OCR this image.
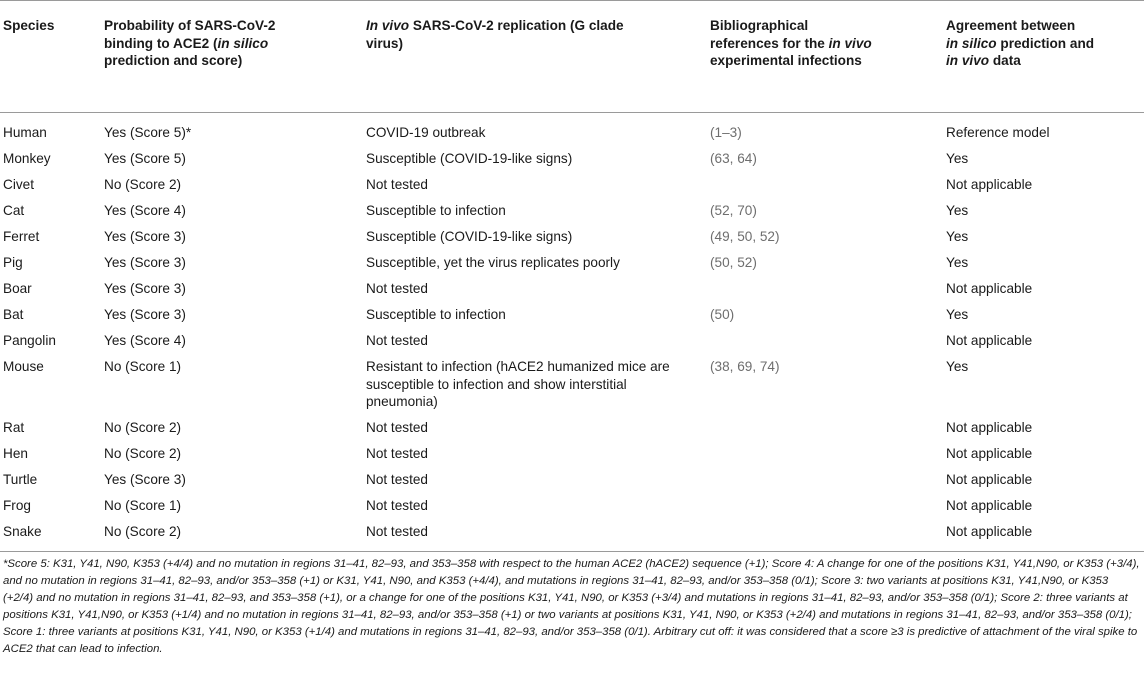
Species	Probability of SARS-CoV-2
binding to ACE2 (in silico
prediction and score)	In vivo SARS-CoV-2 replication (G clade
virus)	Bibliographical
references for the in vivo
experimental infections	Agreement between
in silico prediction and
in vivo data
Human	Yes (Score 5)*	COVID-19 outbreak	(1–3)	Reference model
Monkey	Yes (Score 5)	Susceptible (COVID-19-like signs)	(63, 64)	Yes
Civet	No (Score 2)	Not tested		Not applicable
Cat	Yes (Score 4)	Susceptible to infection	(52, 70)	Yes
Ferret	Yes (Score 3)	Susceptible (COVID-19-like signs)	(49, 50, 52)	Yes
Pig	Yes (Score 3)	Susceptible, yet the virus replicates poorly	(50, 52)	Yes
Boar	Yes (Score 3)	Not tested		Not applicable
Bat	Yes (Score 3)	Susceptible to infection	(50)	Yes
Pangolin	Yes (Score 4)	Not tested		Not applicable
Mouse	No (Score 1)	Resistant to infection (hACE2 humanized mice are susceptible to infection and show interstitial pneumonia)	(38, 69, 74)	Yes
Rat	No (Score 2)	Not tested		Not applicable
Hen	No (Score 2)	Not tested		Not applicable
Turtle	Yes (Score 3)	Not tested		Not applicable
Frog	No (Score 1)	Not tested		Not applicable
Snake	No (Score 2)	Not tested		Not applicable

*Score 5: K31, Y41, N90, K353 (+4/4) and no mutation in regions 31–41, 82–93, and 353–358 with respect to the human ACE2 (hACE2) sequence (+1); Score 4: A change for one of the positions K31, Y41,N90, or K353 (+3/4), and no mutation in regions 31–41, 82–93, and/or 353–358 (+1) or K31, Y41, N90, and K353 (+4/4), and mutations in regions 31–41, 82–93, and/or 353–358 (0/1); Score 3: two variants at positions K31, Y41,N90, or K353 (+2/4) and no mutation in regions 31–41, 82–93, and 353–358 (+1), or a change for one of the positions K31, Y41, N90, or K353 (+3/4) and mutations in regions 31–41, 82–93, and/or 353–358 (0/1); Score 2: three variants at positions K31, Y41,N90, or K353 (+1/4) and no mutation in regions 31–41, 82–93, and/or 353–358 (+1) or two variants at positions K31, Y41, N90, or K353 (+2/4) and mutations in regions 31–41, 82–93, and/or 353–358 (0/1); Score 1: three variants at positions K31, Y41, N90, or K353 (+1/4) and mutations in regions 31–41, 82–93, and/or 353–358 (0/1). Arbitrary cut off: it was considered that a score ≥3 is predictive of attachment of the viral spike to ACE2 that can lead to infection.
